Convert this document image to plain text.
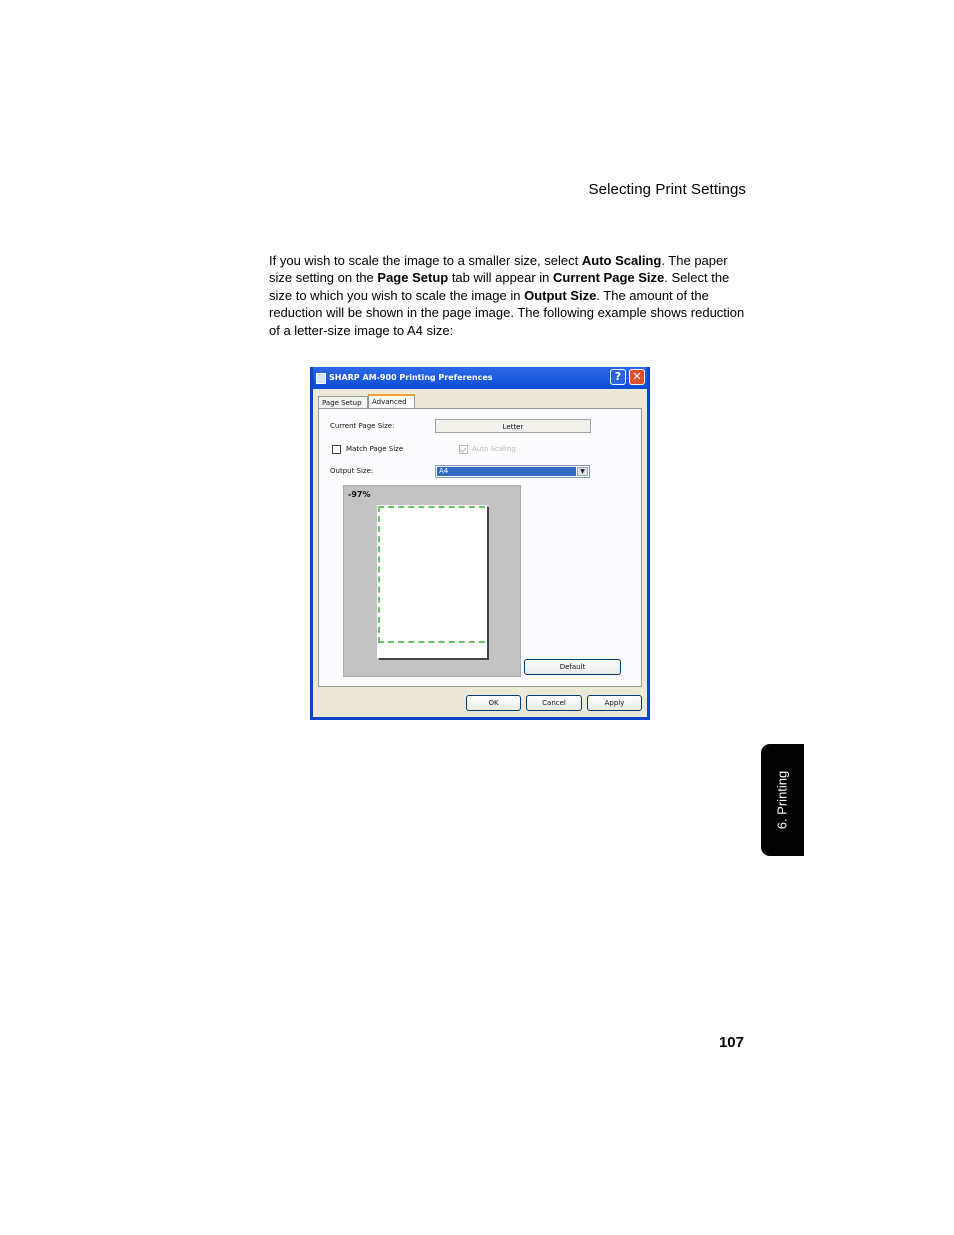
Selecting Print Settings
If you wish to scale the image to a smaller size, select Auto Scaling. The paper size setting on the Page Setup tab will appear in Current Page Size. Select the size to which you wish to scale the image in Output Size. The amount of the reduction will be shown in the page image. The following example shows reduction of a letter-size image to A4 size:
SHARP AM-900 Printing Preferences	?	✕
Page Setup	Advanced
Current Page Size:	Letter
Match Page Size	Auto Scaling
Output Size:	A4	▼
-97%
Default
OK	Cancel	Apply
6. Printing
107
